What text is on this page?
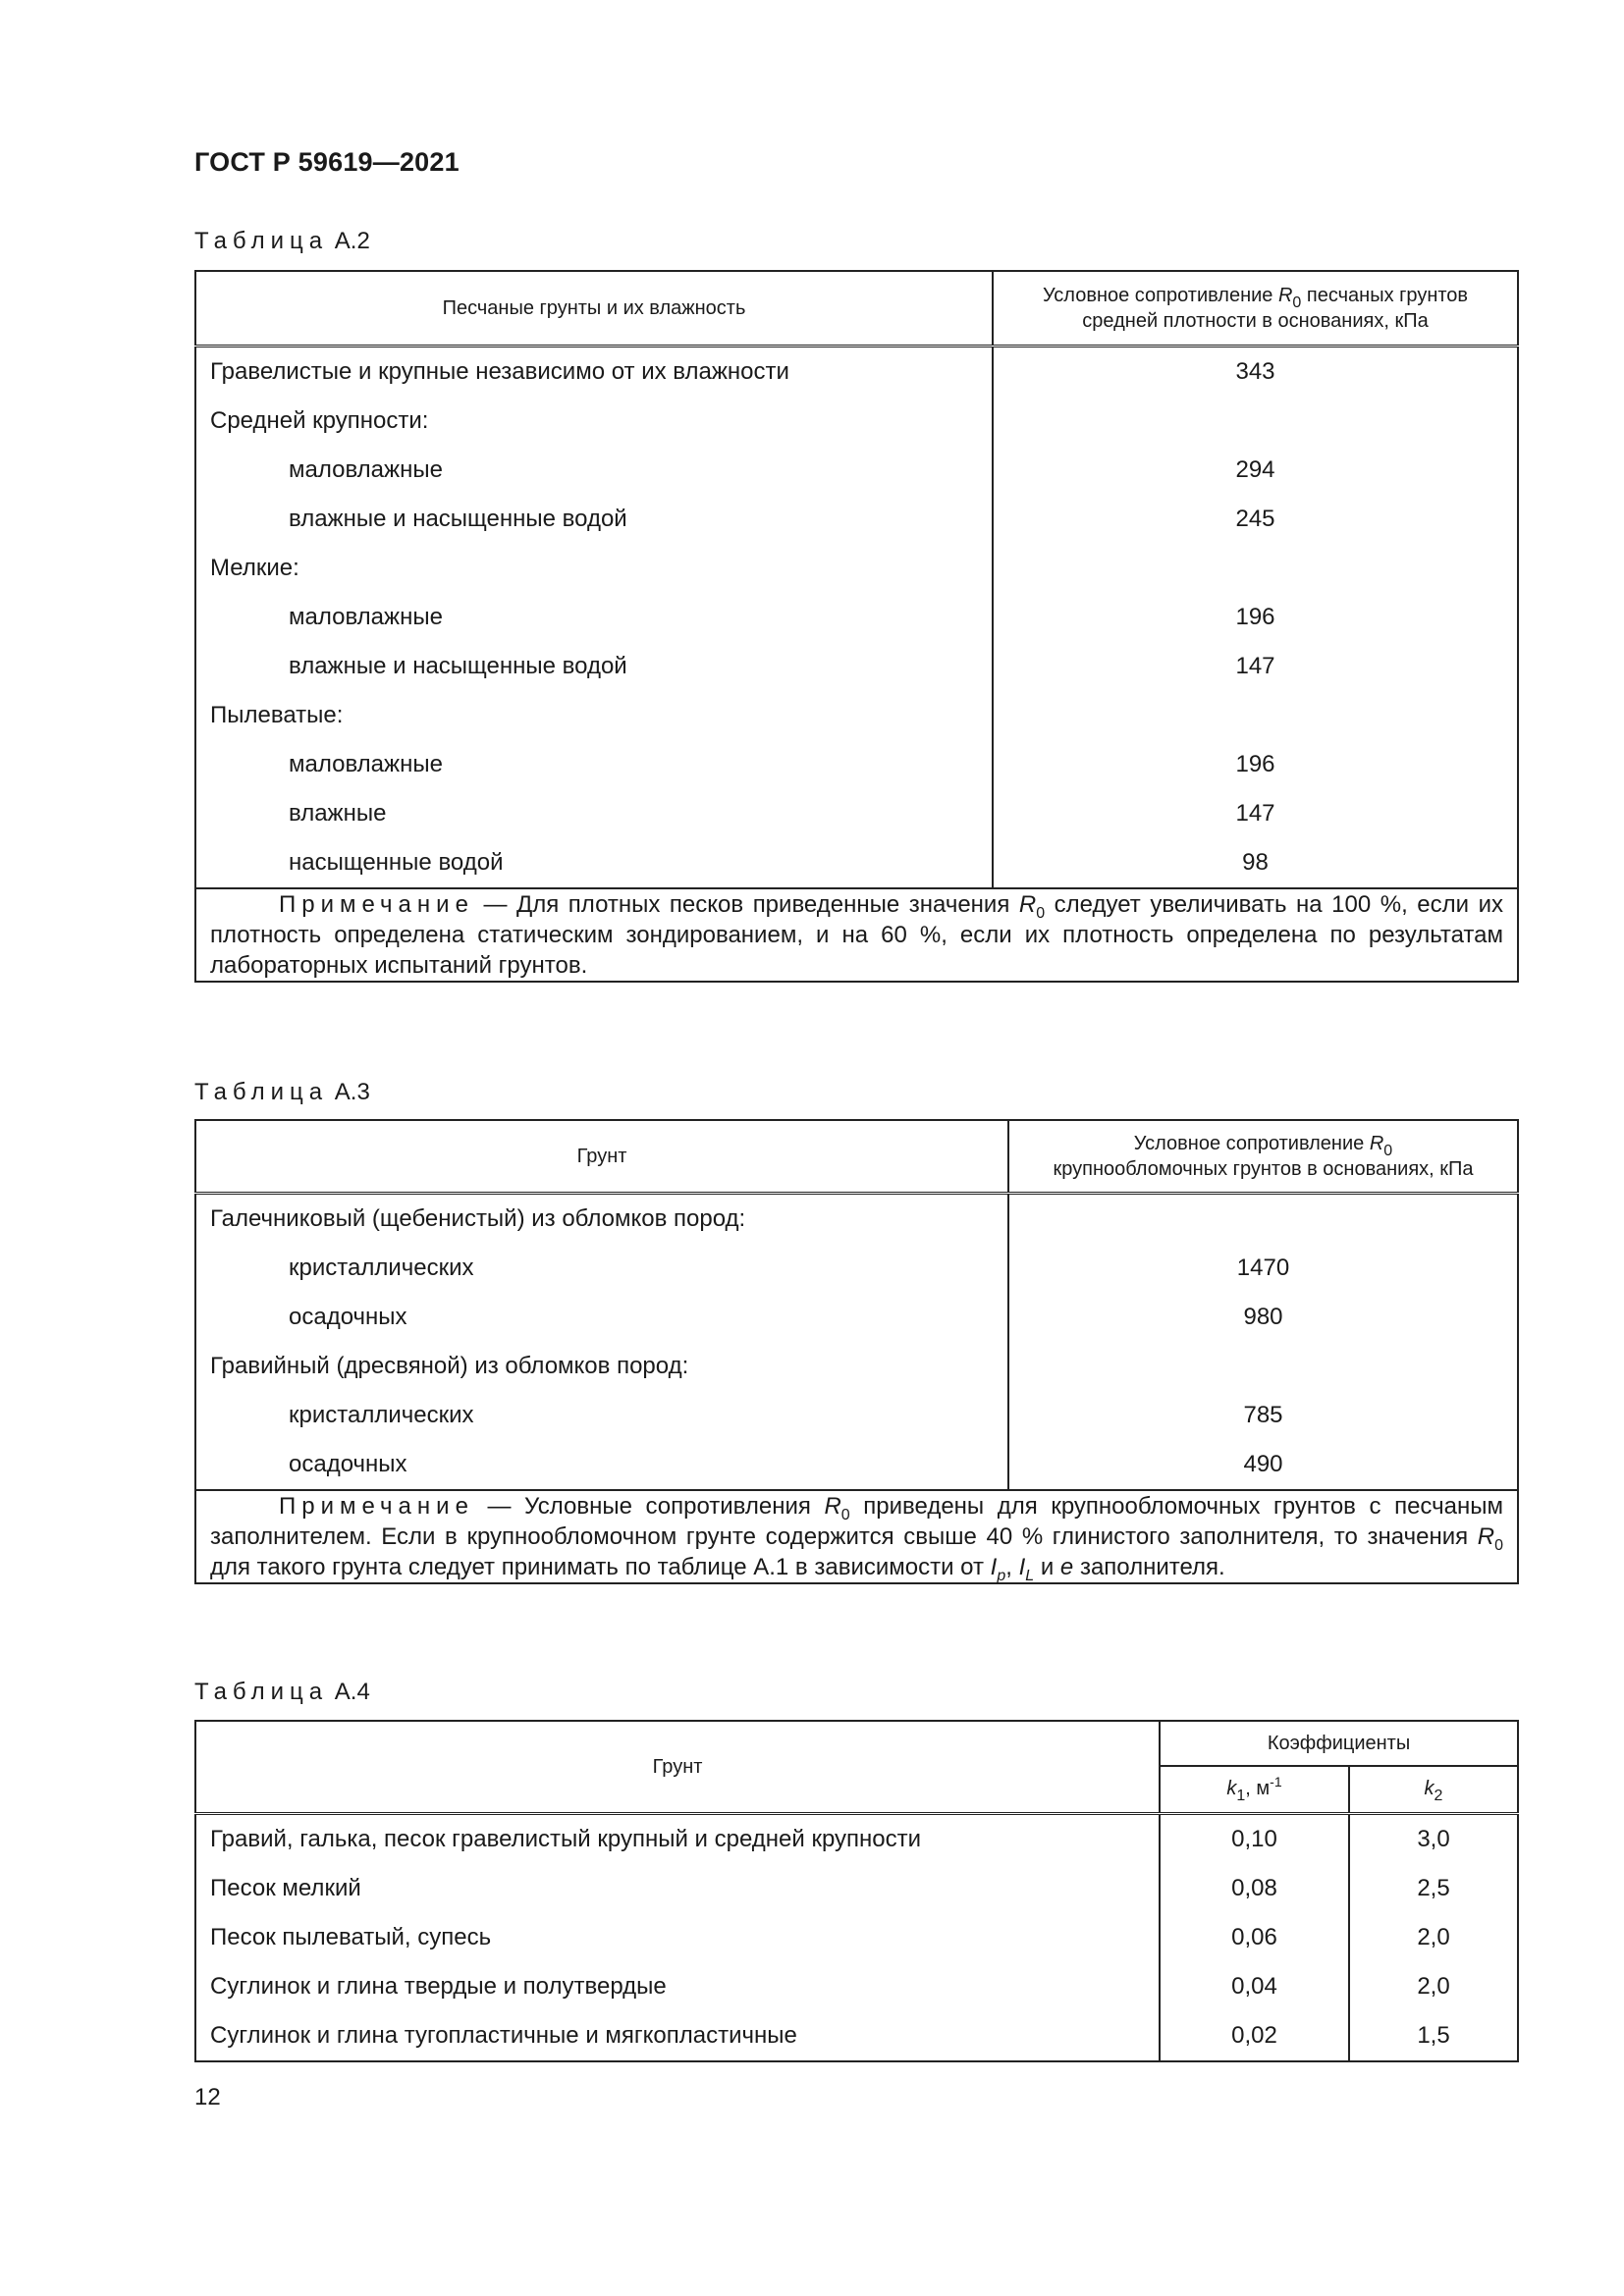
ГОСТ Р 59619—2021
Таблица А.2
Песчаные грунты и их влажность	Условное сопротивление $R_0$ песчаных грунтов средней плотности в основаниях, кПа
Гравелистые и крупные независимо от их влажности	343
Средней крупности:	
маловлажные	294
влажные и насыщенные водой	245
Мелкие:	
маловлажные	196
влажные и насыщенные водой	147
Пылеватые:	
маловлажные	196
влажные	147
насыщенные водой	98
Примечание — Для плотных песков приведенные значения $R_0$ следует увеличивать на 100 %, если их плотность определена статическим зондированием, и на 60 %, если их плотность определена по результатам лабораторных испытаний грунтов.	
Таблица А.3
Грунт	Условное сопротивление $R_0$
крупнообломочных грунтов в основаниях, кПа
Галечниковый (щебенистый) из обломков пород:	
кристаллических	1470
осадочных	980
Гравийный (дресвяной) из обломков пород:	
кристаллических	785
осадочных	490
Примечание — Условные сопротивления $R_0$ приведены для крупнообломочных грунтов с песчаным заполнителем. Если в крупнообломочном грунте содержится свыше 40 % глинистого заполнителя, то значения $R_0$ для такого грунта следует принимать по таблице А.1 в зависимости от $I_p$, $I_L$ и e заполнителя.	
Таблица А.4
Грунт	Коэффициенты	
	$k_1$, $м^{-1}$	$k_2$
Гравий, галька, песок гравелистый крупный и средней крупности	0,10	3,0
Песок мелкий	0,08	2,5
Песок пылеватый, супесь	0,06	2,0
Суглинок и глина твердые и полутвердые	0,04	2,0
Суглинок и глина тугопластичные и мягкопластичные	0,02	1,5
12
